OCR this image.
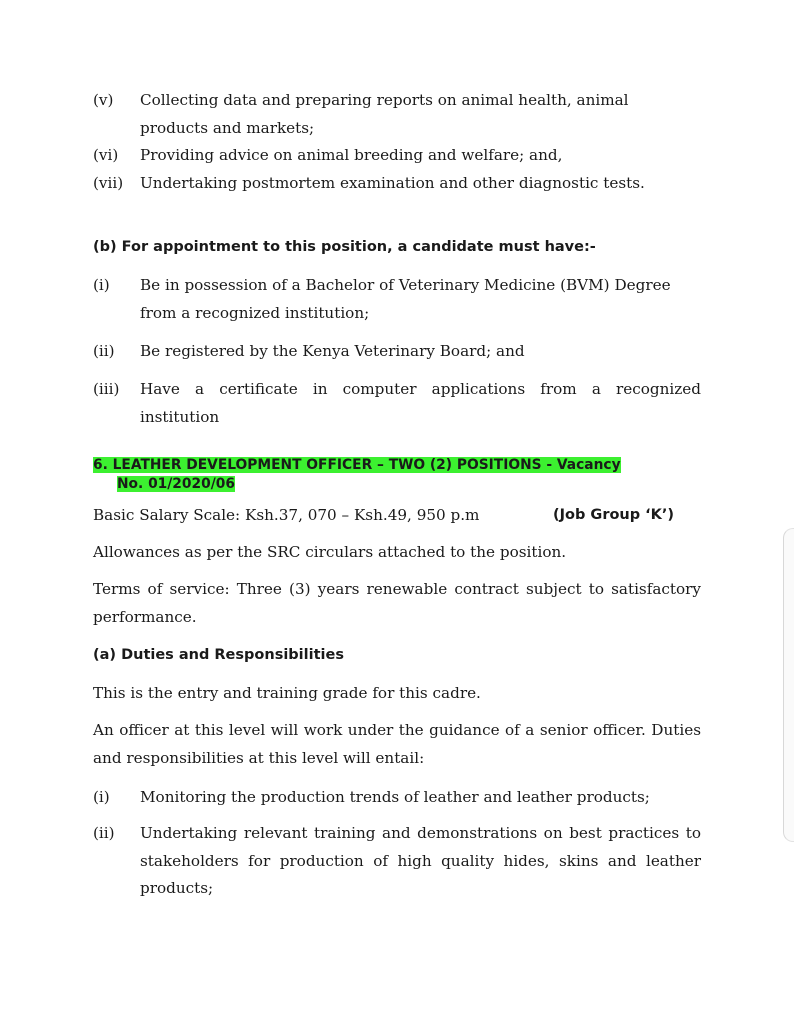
(v) Collecting data and preparing reports on animal health, animal products and markets;
(vi) Providing advice on animal breeding and welfare; and,
(vii) Undertaking postmortem examination and other diagnostic tests.
(b) For appointment to this position, a candidate must have:-
(i) Be in possession of a Bachelor of Veterinary Medicine (BVM) Degree from a recognized institution;
(ii) Be registered by the Kenya Veterinary Board; and
(iii) Have a certificate in computer applications from a recognized institution
6. LEATHER DEVELOPMENT OFFICER – TWO (2) POSITIONS - Vacancy
No. 01/2020/06
Basic Salary Scale: Ksh.37, 070 – Ksh.49, 950 p.m	(Job Group ‘K’)
Allowances as per the SRC circulars attached to the position.
Terms of service: Three (3) years renewable contract subject to satisfactory performance.
(a) Duties and Responsibilities
This is the entry and training grade for this cadre.
An officer at this level will work under the guidance of a senior officer. Duties and responsibilities at this level will entail:
(i) Monitoring the production trends of leather and leather products;
(ii) Undertaking relevant training and demonstrations on best practices to stakeholders for production of high quality hides, skins and leather products;
